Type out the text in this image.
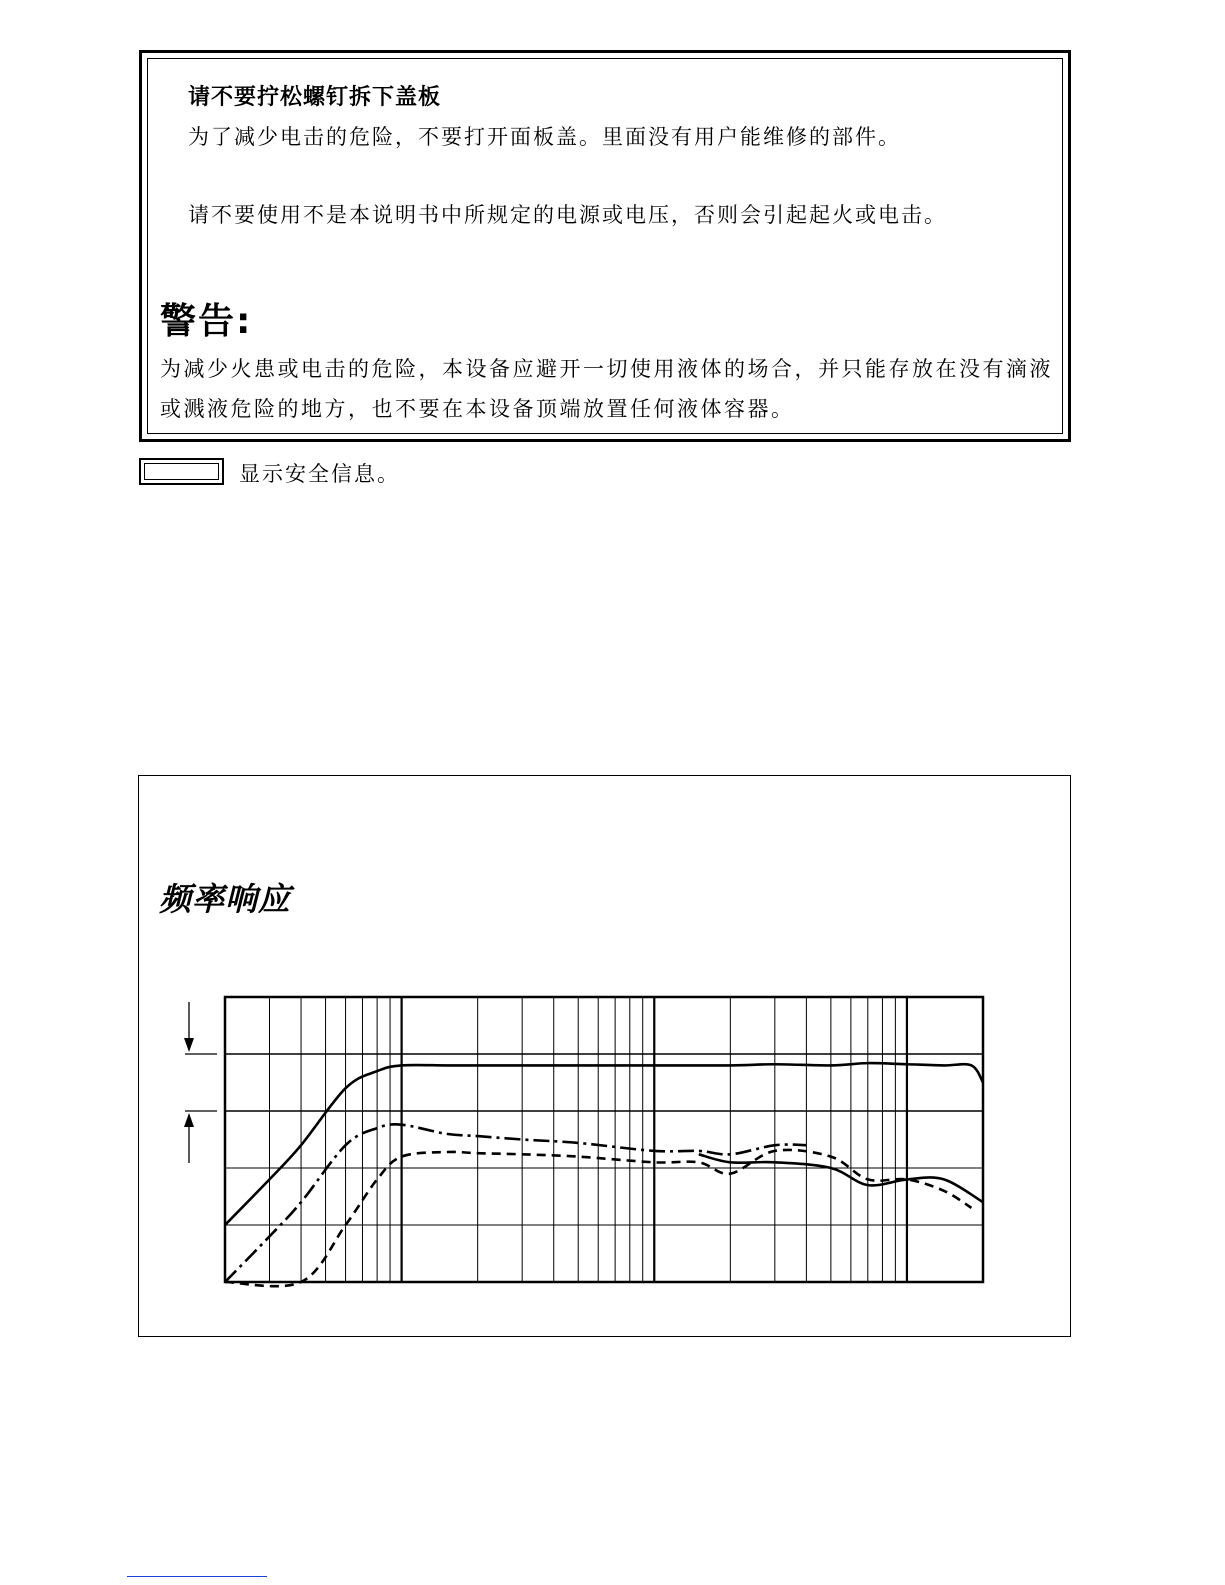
请不要拧松螺钉拆下盖板
为了减少电击的危险，不要打开面板盖。里面没有用户能维修的部件。
请不要使用不是本说明书中所规定的电源或电压，否则会引起起火或电击。
警告:
为减少火患或电击的危险，本设备应避开一切使用液体的场合，并只能存放在没有滴液或溅液危险的地方，也不要在本设备顶端放置任何液体容器。
显示安全信息。
频率响应
